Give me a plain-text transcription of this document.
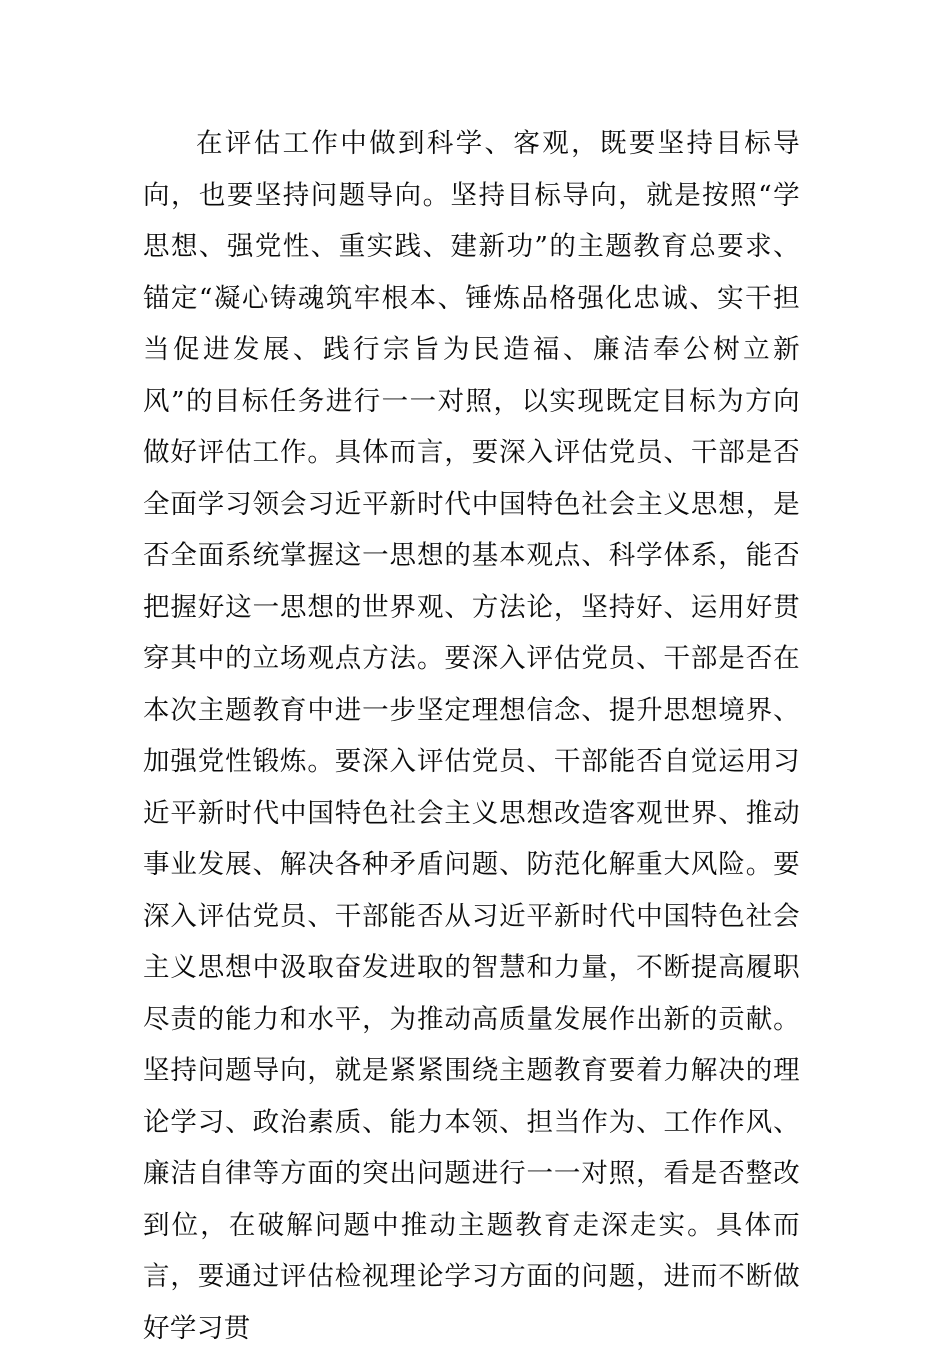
在评估工作中做到科学、客观，既要坚持目标导向，也要坚持问题导向。坚持目标导向，就是按照“学思想、强党性、重实践、建新功”的主题教育总要求、锚定“凝心铸魂筑牢根本、锤炼品格强化忠诚、实干担当促进发展、践行宗旨为民造福、廉洁奉公树立新风”的目标任务进行一一对照，以实现既定目标为方向做好评估工作。具体而言，要深入评估党员、干部是否全面学习领会习近平新时代中国特色社会主义思想，是否全面系统掌握这一思想的基本观点、科学体系，能否把握好这一思想的世界观、方法论，坚持好、运用好贯穿其中的立场观点方法。要深入评估党员、干部是否在本次主题教育中进一步坚定理想信念、提升思想境界、加强党性锻炼。要深入评估党员、干部能否自觉运用习近平新时代中国特色社会主义思想改造客观世界、推动事业发展、解决各种矛盾问题、防范化解重大风险。要深入评估党员、干部能否从习近平新时代中国特色社会主义思想中汲取奋发进取的智慧和力量，不断提高履职尽责的能力和水平，为推动高质量发展作出新的贡献。坚持问题导向，就是紧紧围绕主题教育要着力解决的理论学习、政治素质、能力本领、担当作为、工作作风、廉洁自律等方面的突出问题进行一一对照，看是否整改到位，在破解问题中推动主题教育走深走实。具体而言，要通过评估检视理论学习方面的问题，进而不断做好学习贯
